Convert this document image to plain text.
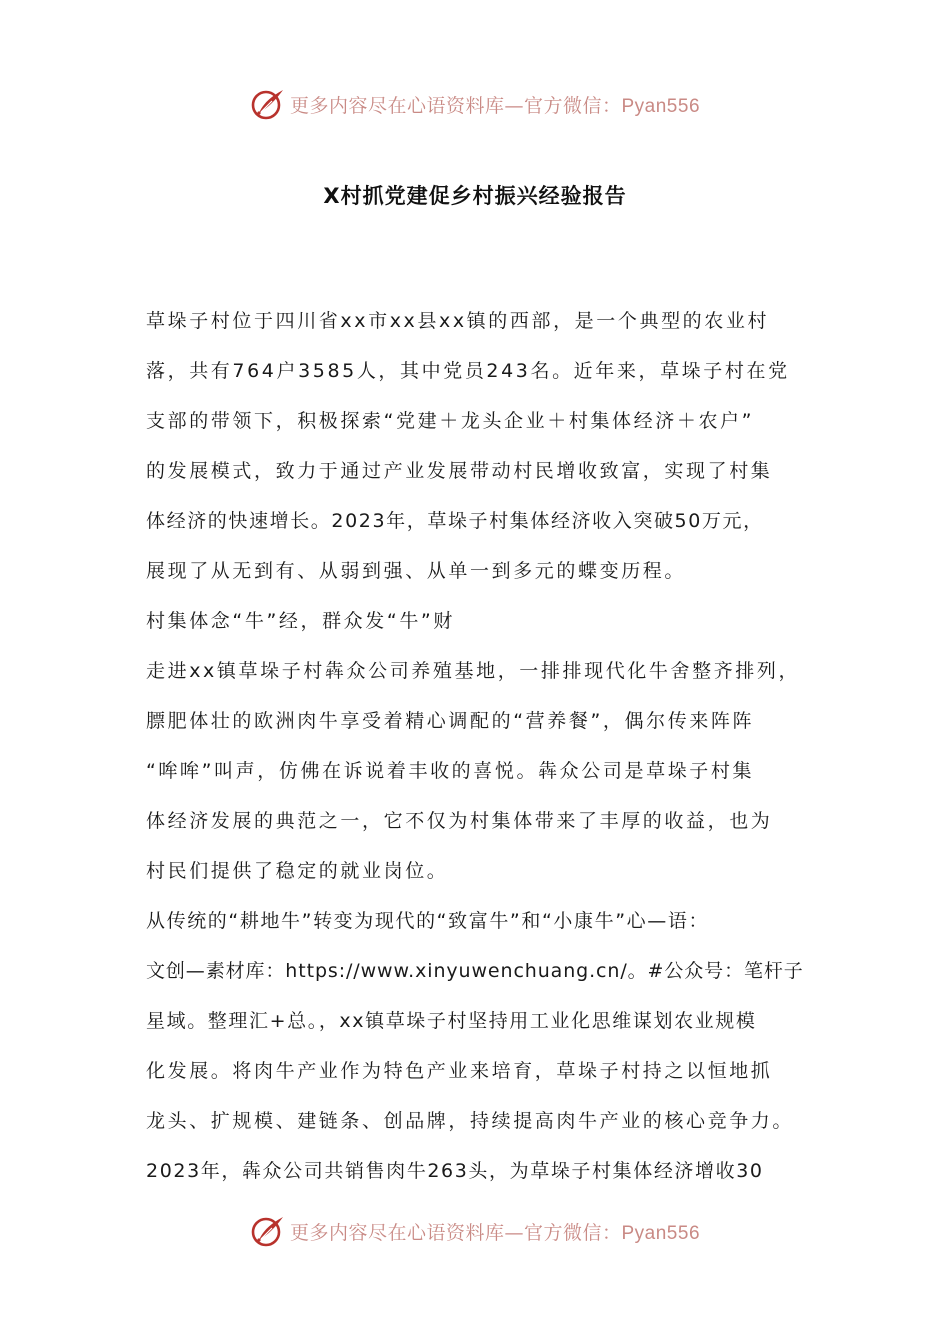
更多内容尽在心语资料库—官方微信：Pyan556
X村抓党建促乡村振兴经验报告
草垛子村位于四川省xx市xx县xx镇的西部，是一个典型的农业村
落，共有764户3585人，其中党员243名。近年来，草垛子村在党
支部的带领下，积极探索“党建＋龙头企业＋村集体经济＋农户”
的发展模式，致力于通过产业发展带动村民增收致富，实现了村集
体经济的快速增长。2023年，草垛子村集体经济收入突破50万元，
展现了从无到有、从弱到强、从单一到多元的蝶变历程。
村集体念“牛”经，群众发“牛”财
走进xx镇草垛子村犇众公司养殖基地，一排排现代化牛舍整齐排列，
膘肥体壮的欧洲肉牛享受着精心调配的“营养餐”，偶尔传来阵阵
“哞哞”叫声，仿佛在诉说着丰收的喜悦。犇众公司是草垛子村集
体经济发展的典范之一，它不仅为村集体带来了丰厚的收益，也为
村民们提供了稳定的就业岗位。
从传统的“耕地牛”转变为现代的“致富牛”和“小康牛”心—语：
文创—素材库：https://www.xinyuwenchuang.cn/。#公众号：笔杆子
星域。整理汇+总。，xx镇草垛子村坚持用工业化思维谋划农业规模
化发展。将肉牛产业作为特色产业来培育，草垛子村持之以恒地抓
龙头、扩规模、建链条、创品牌，持续提高肉牛产业的核心竞争力。
2023年，犇众公司共销售肉牛263头，为草垛子村集体经济增收30
更多内容尽在心语资料库—官方微信：Pyan556
